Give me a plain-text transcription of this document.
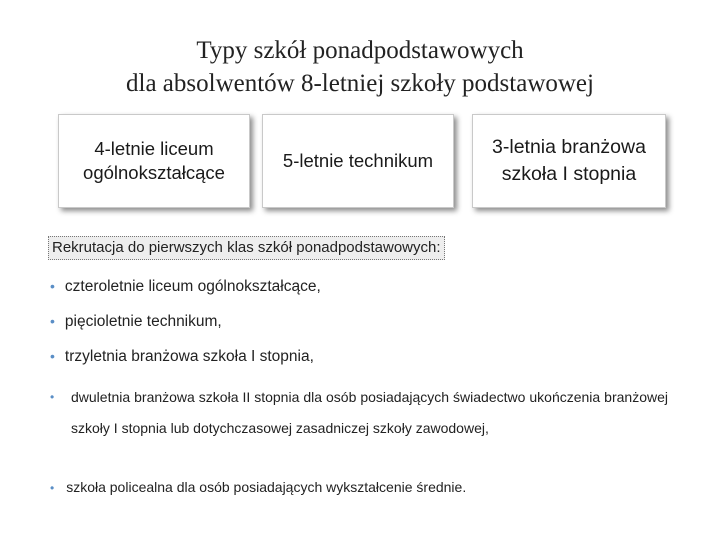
Typy szkół ponadpodstawowych
dla absolwentów 8-letniej szkoły podstawowej
4-letnie liceum
ogólnokształcące
5-letnie technikum
3-letnia branżowa
szkoła I stopnia
Rekrutacja do pierwszych klas szkół ponadpodstawowych:
• czteroletnie liceum ogólnokształcące,
• pięcioletnie technikum,
• trzyletnia branżowa szkoła I stopnia,
• dwuletnia branżowa szkoła II stopnia dla osób posiadających świadectwo ukończenia branżowej szkoły I stopnia lub dotychczasowej zasadniczej szkoły zawodowej,
• szkoła policealna dla osób posiadających wykształcenie średnie.
